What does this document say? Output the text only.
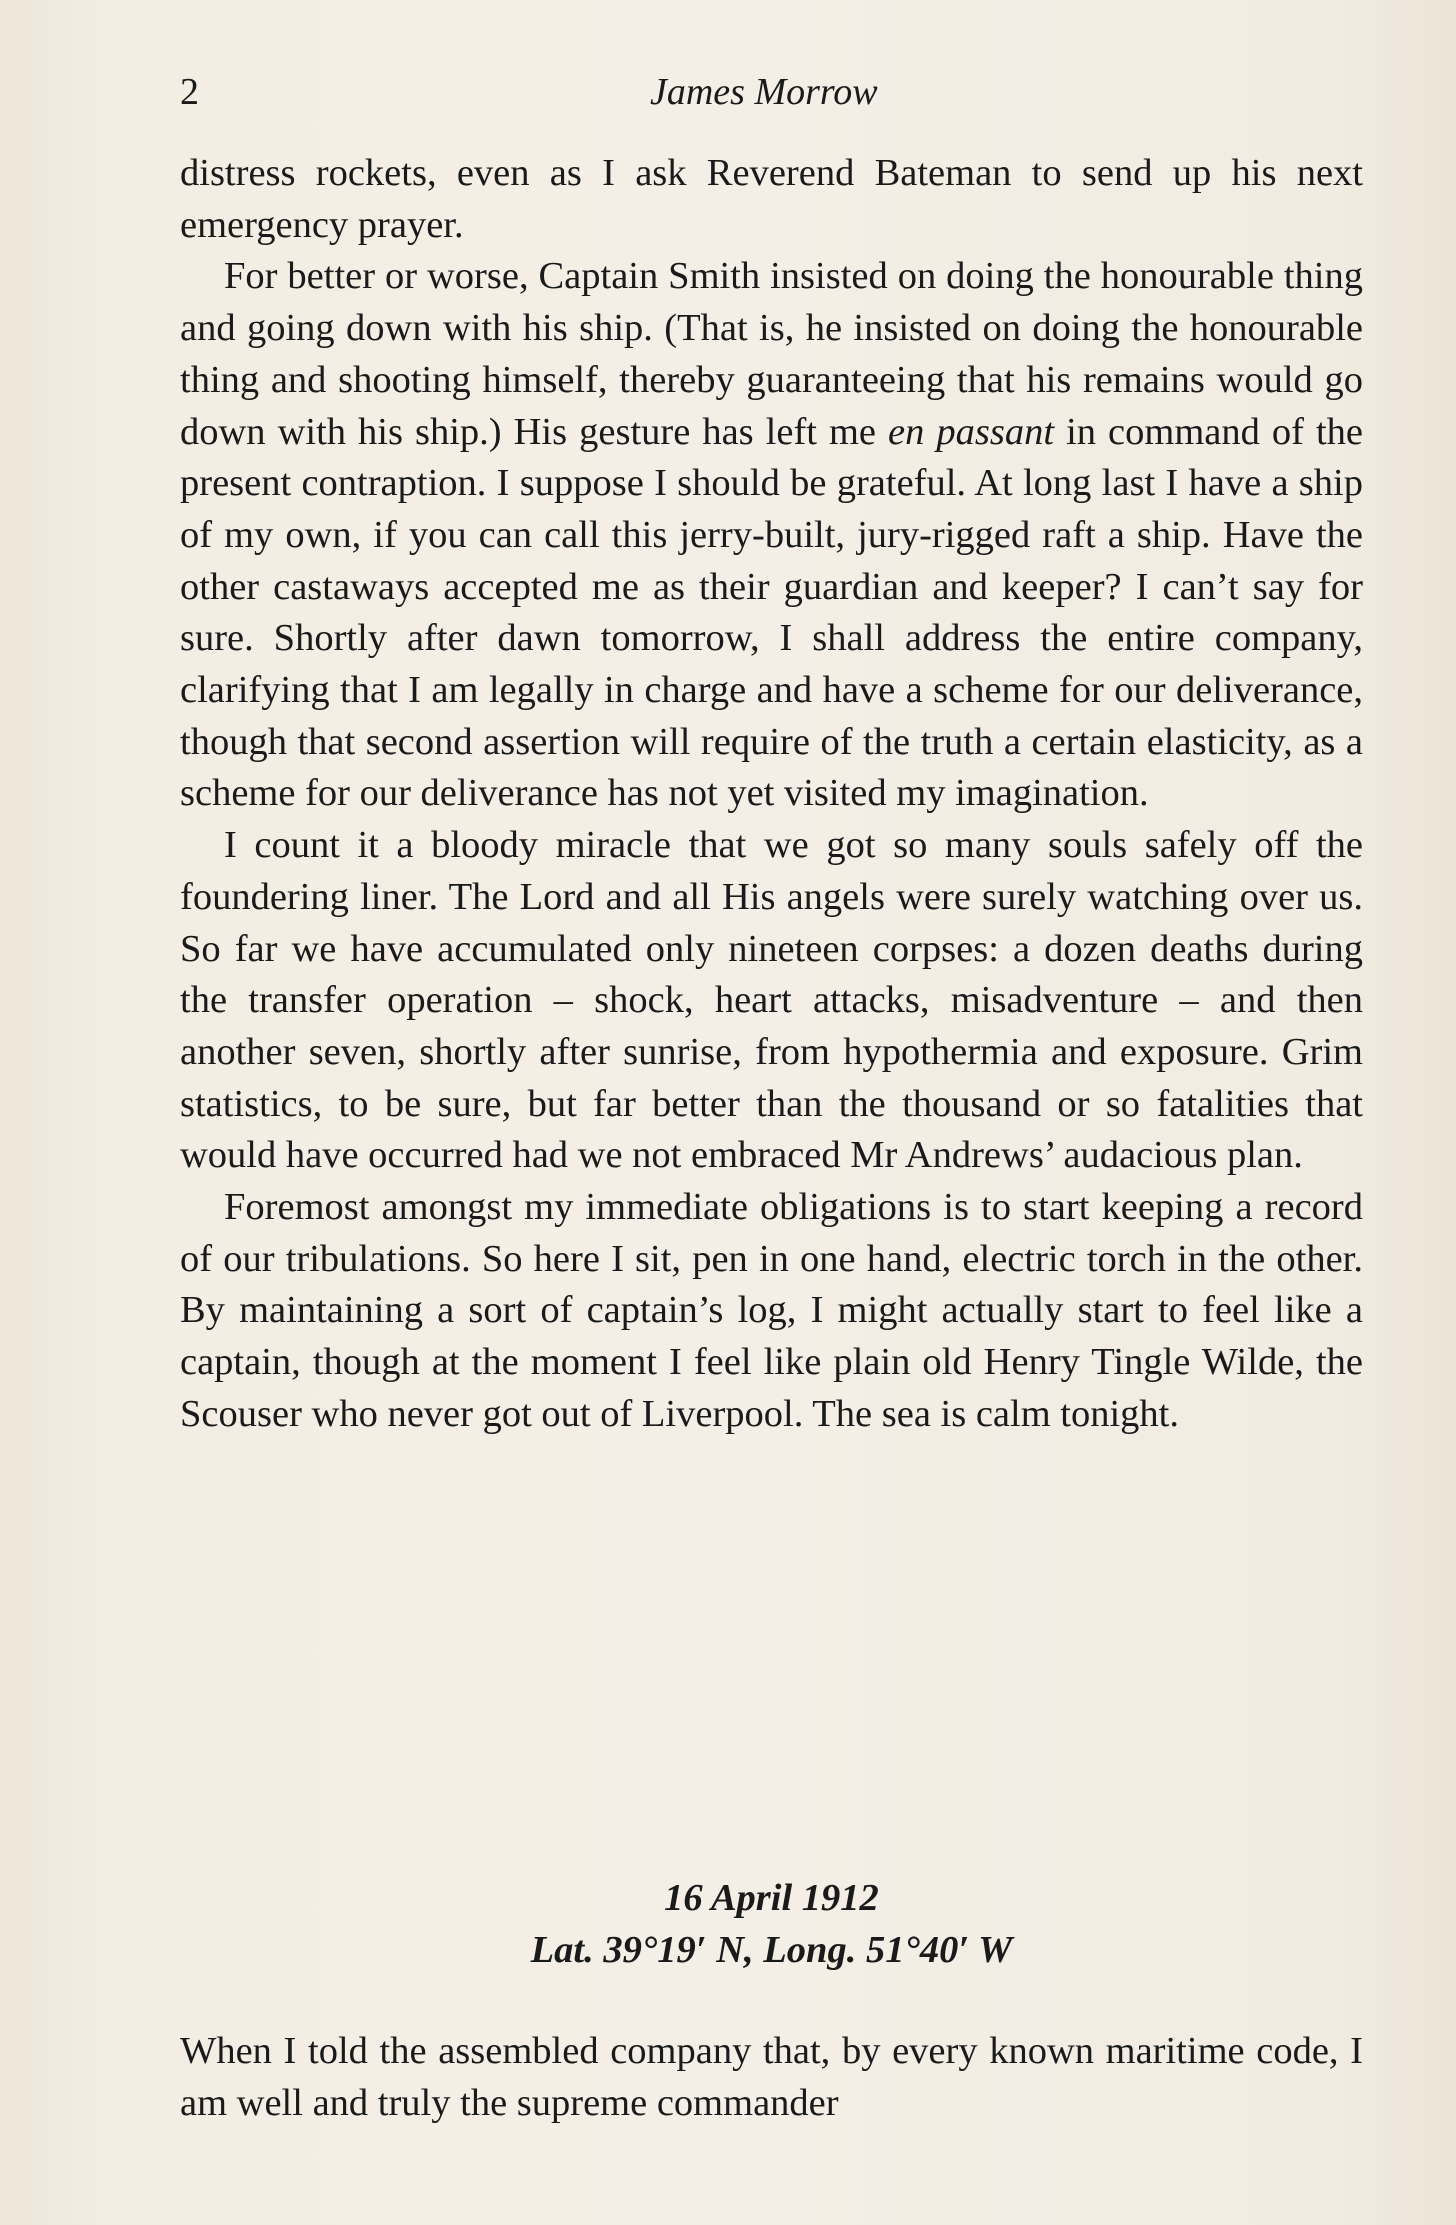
2	James Morrow

distress rockets, even as I ask Reverend Bateman to send up his next emergency prayer.

For better or worse, Captain Smith insisted on doing the honourable thing and going down with his ship. (That is, he insisted on doing the honourable thing and shooting himself, thereby guaranteeing that his remains would go down with his ship.) His gesture has left me en passant in command of the present contraption. I suppose I should be grateful. At long last I have a ship of my own, if you can call this jerry-built, jury-rigged raft a ship. Have the other castaways accepted me as their guardian and keeper? I can’t say for sure. Shortly after dawn tomorrow, I shall address the entire company, clarifying that I am legally in charge and have a scheme for our deliverance, though that second assertion will require of the truth a certain elasticity, as a scheme for our deliverance has not yet visited my imagination.

I count it a bloody miracle that we got so many souls safely off the foundering liner. The Lord and all His angels were surely watching over us. So far we have accumulated only nineteen corpses: a dozen deaths during the transfer operation – shock, heart attacks, misadventure – and then another seven, shortly after sunrise, from hypothermia and exposure. Grim statistics, to be sure, but far better than the thousand or so fatalities that would have occurred had we not embraced Mr Andrews’ audacious plan.

Foremost amongst my immediate obligations is to start keeping a record of our tribulations. So here I sit, pen in one hand, electric torch in the other. By maintaining a sort of captain’s log, I might actually start to feel like a captain, though at the moment I feel like plain old Henry Tingle Wilde, the Scouser who never got out of Liverpool. The sea is calm tonight.

16 April 1912
Lat. 39°19′ N, Long. 51°40′ W

When I told the assembled company that, by every known maritime code, I am well and truly the supreme commander
